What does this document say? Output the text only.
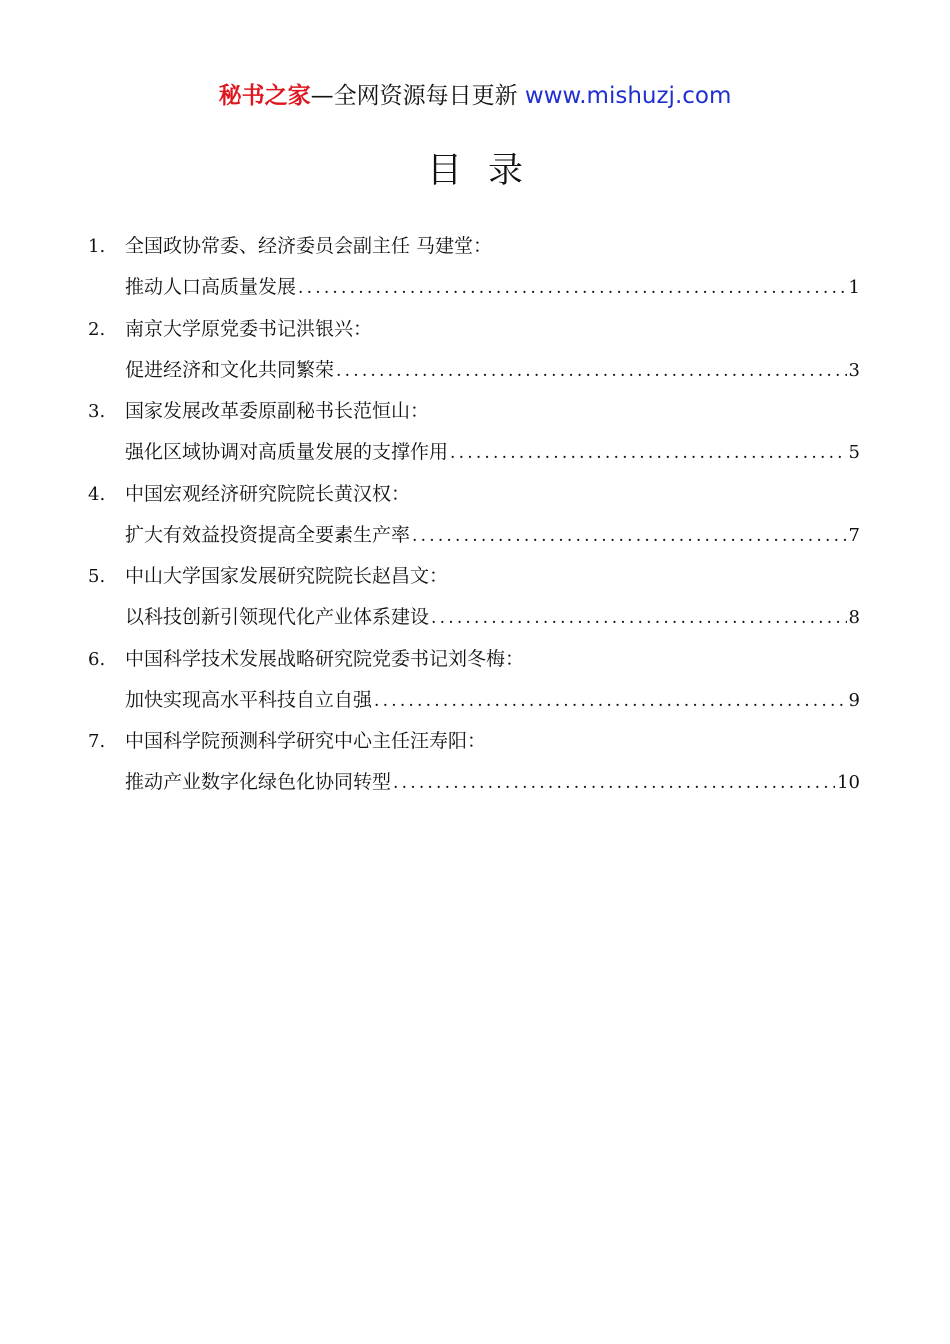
秘书之家—全网资源每日更新 www.mishuzj.com
目录
1. 全国政协常委、经济委员会副主任 马建堂：
推动人口高质量发展 .....	1
2. 南京大学原党委书记洪银兴：
促进经济和文化共同繁荣 .....	3
3. 国家发展改革委原副秘书长范恒山：
强化区域协调对高质量发展的支撑作用 .....	5
4. 中国宏观经济研究院院长黄汉权：
扩大有效益投资提高全要素生产率 .....	7
5. 中山大学国家发展研究院院长赵昌文：
以科技创新引领现代化产业体系建设 .....	8
6. 中国科学技术发展战略研究院党委书记刘冬梅：
加快实现高水平科技自立自强 .....	9
7. 中国科学院预测科学研究中心主任汪寿阳：
推动产业数字化绿色化协同转型 .....	10
